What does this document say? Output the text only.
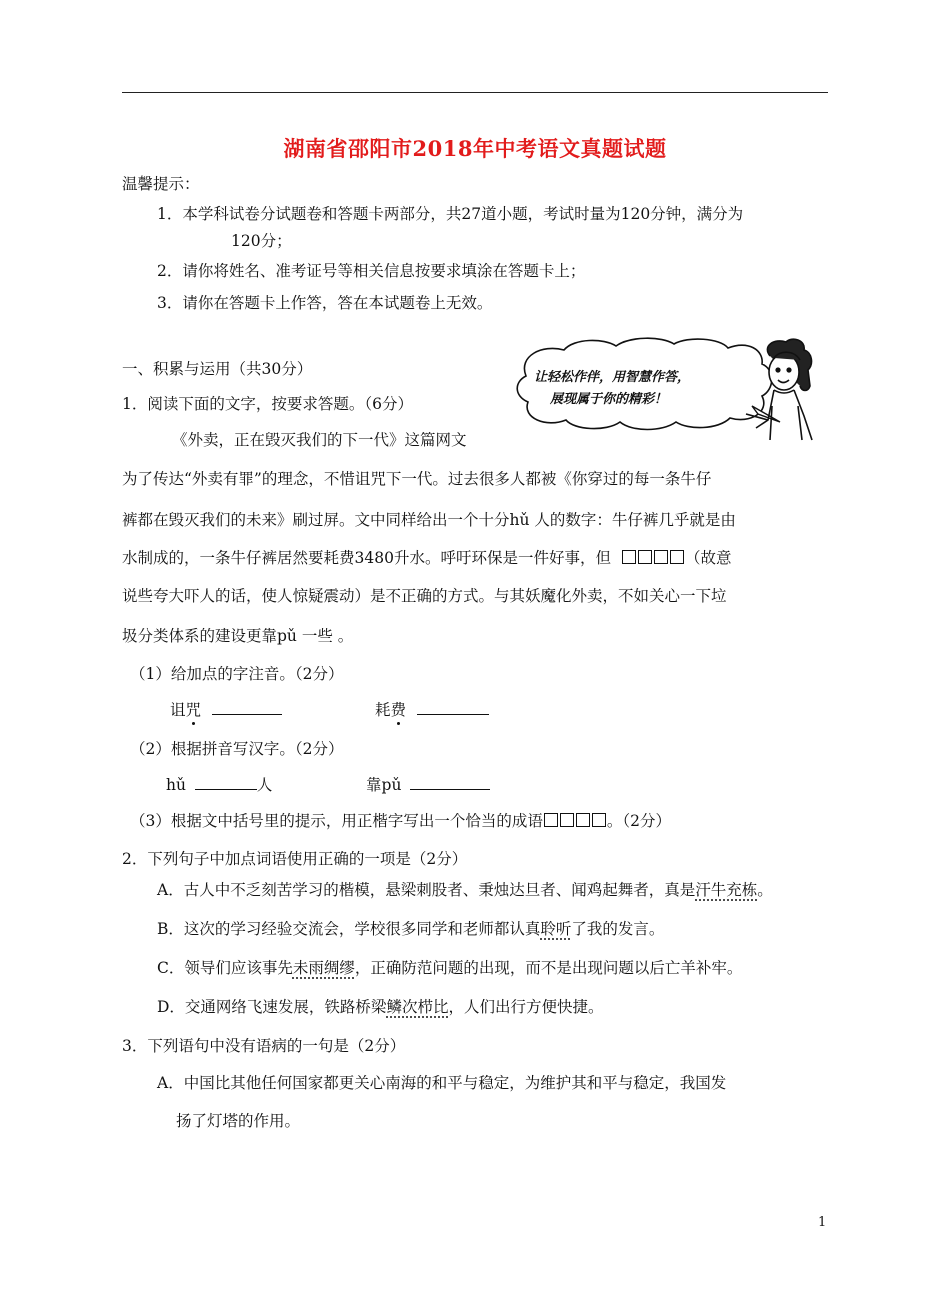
湖南省邵阳市2018年中考语文真题试题
温馨提示：
1．本学科试卷分试题卷和答题卡两部分，共27道小题，考试时量为120分钟，满分为
120分；
2．请你将姓名、准考证号等相关信息按要求填涂在答题卡上；
3．请你在答题卡上作答，答在本试题卷上无效。
让轻松作伴，用智慧作答，
展现属于你的精彩！
一、积累与运用（共30分）
1．阅读下面的文字，按要求答题。（6分）
《外卖，正在毁灭我们的下一代》这篇网文
为了传达“外卖有罪”的理念，不惜诅咒下一代。过去很多人都被《你穿过的每一条牛仔
裤都在毁灭我们的未来》刷过屏。文中同样给出一个十分hǔ 人的数字：牛仔裤几乎就是由
水制成的，一条牛仔裤居然要耗费3480升水。呼吁环保是一件好事，但	（故意
说些夸大吓人的话，使人惊疑震动）是不正确的方式。与其妖魔化外卖，不如关心一下垃
圾分类体系的建设更靠pǔ 一些 。
（1）给加点的字注音。（2分）
诅咒	耗费
（2）根据拼音写汉字。（2分）
hǔ	人	靠pǔ
（3）根据文中括号里的提示，用正楷字写出一个恰当的成语	。（2分）
2．下列句子中加点词语使用正确的一项是（2分）
A．古人中不乏刻苦学习的楷模，悬梁刺股者、秉烛达旦者、闻鸡起舞者，真是汗牛充栋。
B．这次的学习经验交流会，学校很多同学和老师都认真聆听了我的发言。
C．领导们应该事先未雨绸缪，正确防范问题的出现，而不是出现问题以后亡羊补牢。
D．交通网络飞速发展，铁路桥梁鳞次栉比，人们出行方便快捷。
3．下列语句中没有语病的一句是（2分）
A．中国比其他任何国家都更关心南海的和平与稳定，为维护其和平与稳定，我国发
扬了灯塔的作用。
1
